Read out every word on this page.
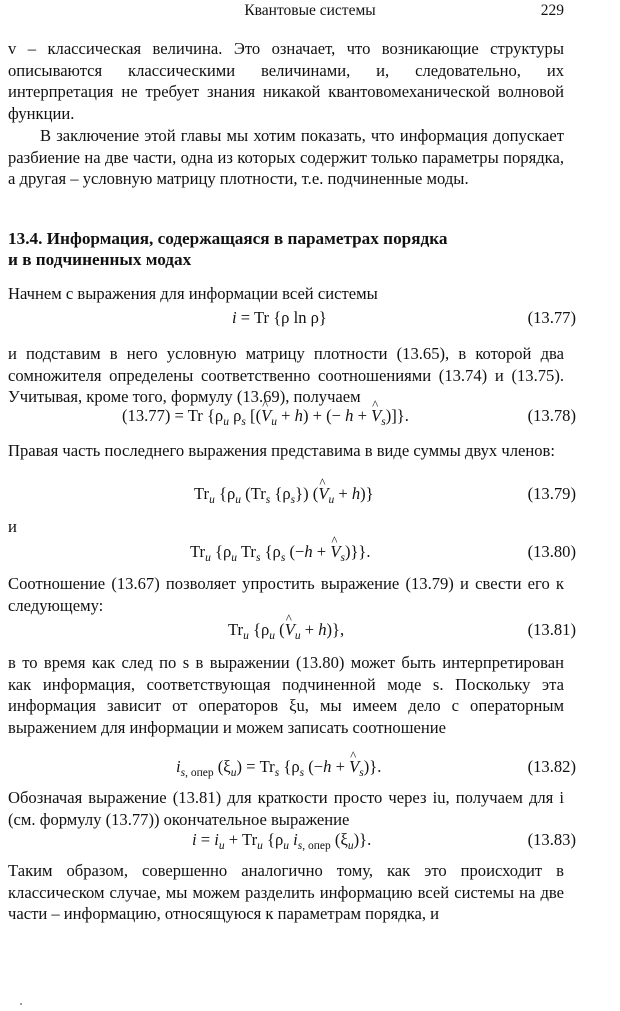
Квантовые системы	229

v – классическая величина. Это означает, что возникающие структуры описываются классическими величинами, и, следовательно, их интерпретация не требует знания никакой квантовомеханической волновой функции.

В заключение этой главы мы хотим показать, что информация допускает разбиение на две части, одна из которых содержит только параметры порядка, а другая – условную матрицу плотности, т.е. подчиненные моды.

13.4. Информация, содержащаяся в параметрах порядка
и в подчиненных модах

Начнем с выражения для информации всей системы

i = Tr {ρ ln ρ}	(13.77)

и подставим в него условную матрицу плотности (13.65), в которой два сомножителя определены соответственно соотношениями (13.74) и (13.75). Учитывая, кроме того, формулу (13.69), получаем

(13.77) = Tr {$\rho_u$ $\rho_s$ [(^ $V_u + h$) + (− h + ^ $V_s$)]}.	(13.78)

Правая часть последнего выражения представима в виде суммы двух членов:

$Tr_u$ {$\rho_u$ ($Tr_s$ $\{\rho_s\}$) (^ $V_u + h$)}	(13.79)

и

$Tr_u$ {$\rho_u$ $Tr_s$ {$\rho_s$ (−h + ^ $V_s$)}}.	(13.80)

Соотношение (13.67) позволяет упростить выражение (13.79) и свести его к следующему:

$Tr_u$ {$\rho_u$ (^ $V_u + h$)},	(13.81)

в то время как след по s в выражении (13.80) может быть интерпретирован как информация, соответствующая подчиненной моде s. Поскольку эта информация зависит от операторов ξu, мы имеем дело с операторным выражением для информации и можем записать соотношение

$i_{s, опер}$ $(\xi_u) = Tr_s$ {$\rho_s$ (−h + ^ $V_s$)}.	(13.82)

Обозначая выражение (13.81) для краткости просто через iu, получаем для i (см. формулу (13.77)) окончательное выражение

$i = i_u + Tr_u$ {$\rho_u$ $i_{s, опер}$ $(\xi_u)$}.	(13.83)

Таким образом, совершенно аналогично тому, как это происходит в классическом случае, мы можем разделить информацию всей системы на две части – информацию, относящуюся к параметрам порядка, и
